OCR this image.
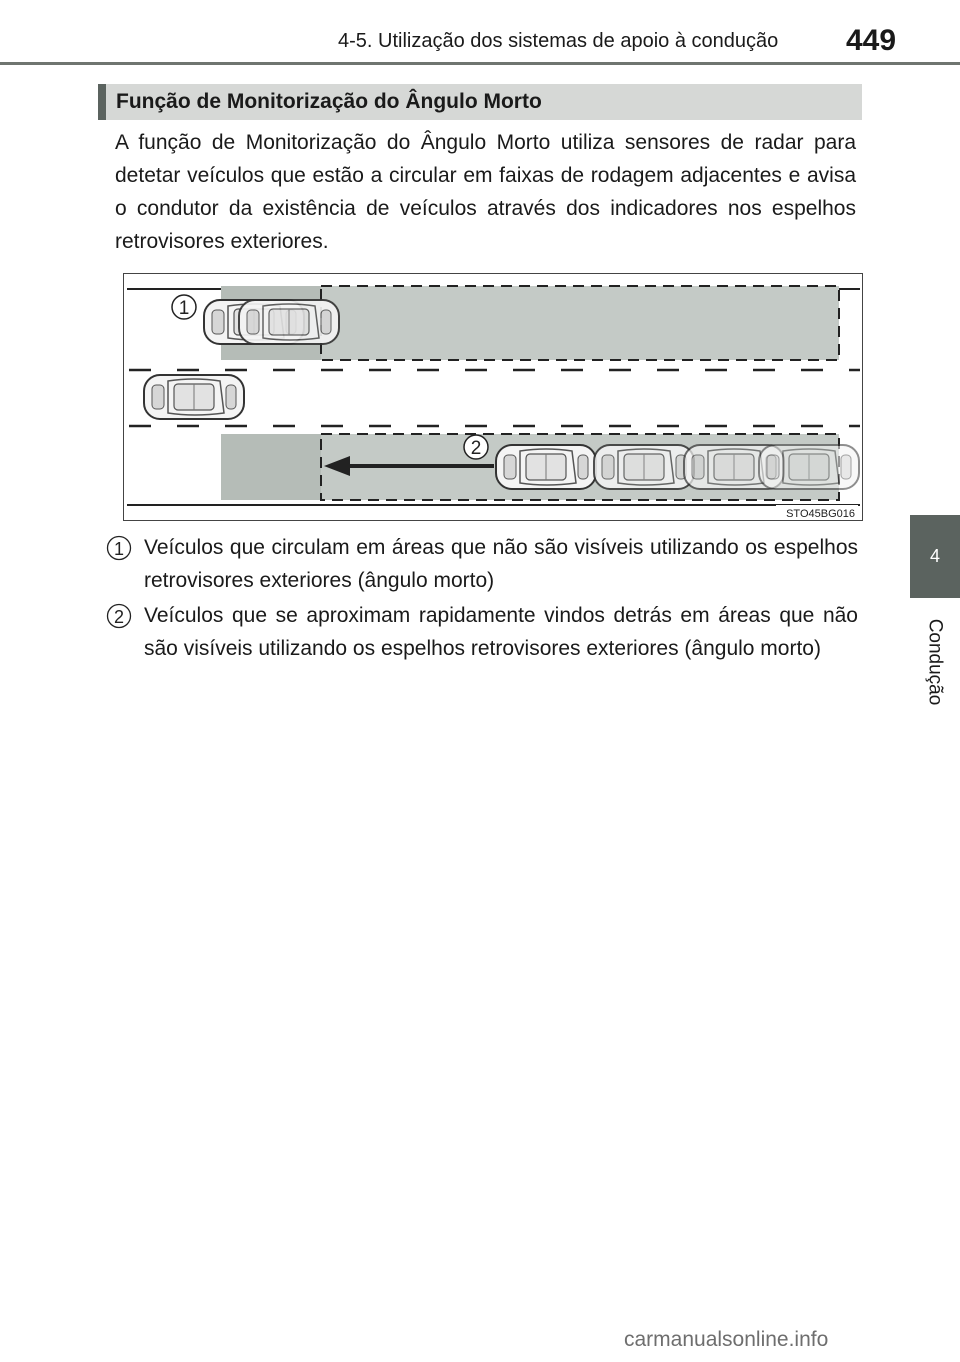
4-5. Utilização dos sistemas de apoio à condução 449
4
Condução
Função de Monitorização do Ângulo Morto

A função de Monitorização do Ângulo Morto utiliza sensores de radar para detetar veículos que estão a circular em faixas de rodagem adjacentes e avisa o condutor da existência de veículos através dos indicadores nos espelhos retrovisores exteriores.

1
2
STO45BG016
1 Veículos que circulam em áreas que não são visíveis utilizando os espelhos retrovisores exteriores (ângulo morto)

2 Veículos que se aproximam rapidamente vindos detrás em áreas que não são visíveis utilizando os espelhos retrovisores exteriores (ângulo morto)

carmanualsonline.info
